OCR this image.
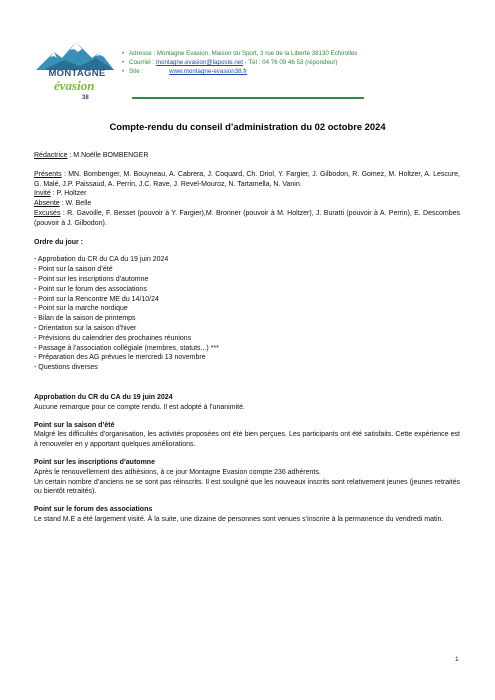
MONTAGNE
évasion
38
• Adresse : Montagne Evasion, Maison du Sport, 3 rue de la Liberté 38130 Echirolles
• Courriel : montagne.evasion@laposte.net - Tél : 04 76 09 46 53 (répondeur)
• Site :	www.montagne-evasion38.fr
Compte-rendu du conseil d’administration du 02 octobre 2024

Rédactrice : M.Noëlle BOMBENGER

Présents : MN. Bombenger, M. Bouyneau, A. Cabrera, J. Coquard, Ch. Driol, Y. Fargier, J. Gilbodon, R. Gomez, M. Holtzer, A. Lescure, G. Malé, J.P. Paissaud, A. Perrin, J.C. Rave, J. Revel-Mouroz, N. Tartamella, N. Vanin.

Invité : P. Holtzer

Absente : W. Belle

Excusés : R. Gavoille, F. Besset (pouvoir à Y. Fargier),M. Bronner (pouvoir à M. Holtzer), J. Buratti (pouvoir à A. Perrin), E. Descombes (pouvoir à J. Gilbodon).

Ordre du jour :

- Approbation du CR du CA du 19 juin 2024
- Point sur la saison d’été
- Point sur les inscriptions d’automne
- Point sur le forum des associations
- Point sur la Rencontre ME du 14/10/24
- Point sur la marche nordique
- Bilan de la saison de printemps
- Orientation sur la saison d’hiver
- Prévisions du calendrier des prochaines réunions
- Passage à l’association collégiale (membres, statuts...) ***
- Préparation des AG prévues le mercredi 13 novembre
- Questions diverses

Approbation du CR du CA du 19 juin 2024

Aucune remarque pour ce compte rendu. Il est adopté à l’unanimité.

Point sur la saison d’été

Malgré les difficultés d’organisation, les activités proposées ont été bien perçues. Les participants ont été satisfaits. Cette expérience est à renouveler en y apportant quelques améliorations.

Point sur les inscriptions d’automne

Après le renouvellement des adhésions, à ce jour Montagne Evasion compte 236 adhérents.

Un certain nombre d’anciens ne se sont pas réinscrits. Il est souligné que les nouveaux inscrits sont relativement jeunes (jeunes retraités ou bientôt retraités).

Point sur le forum des associations

Le stand M.E a été largement visité. À la suite, une dizaine de personnes sont venues s’inscrire à la permanence du vendredi matin.

1
